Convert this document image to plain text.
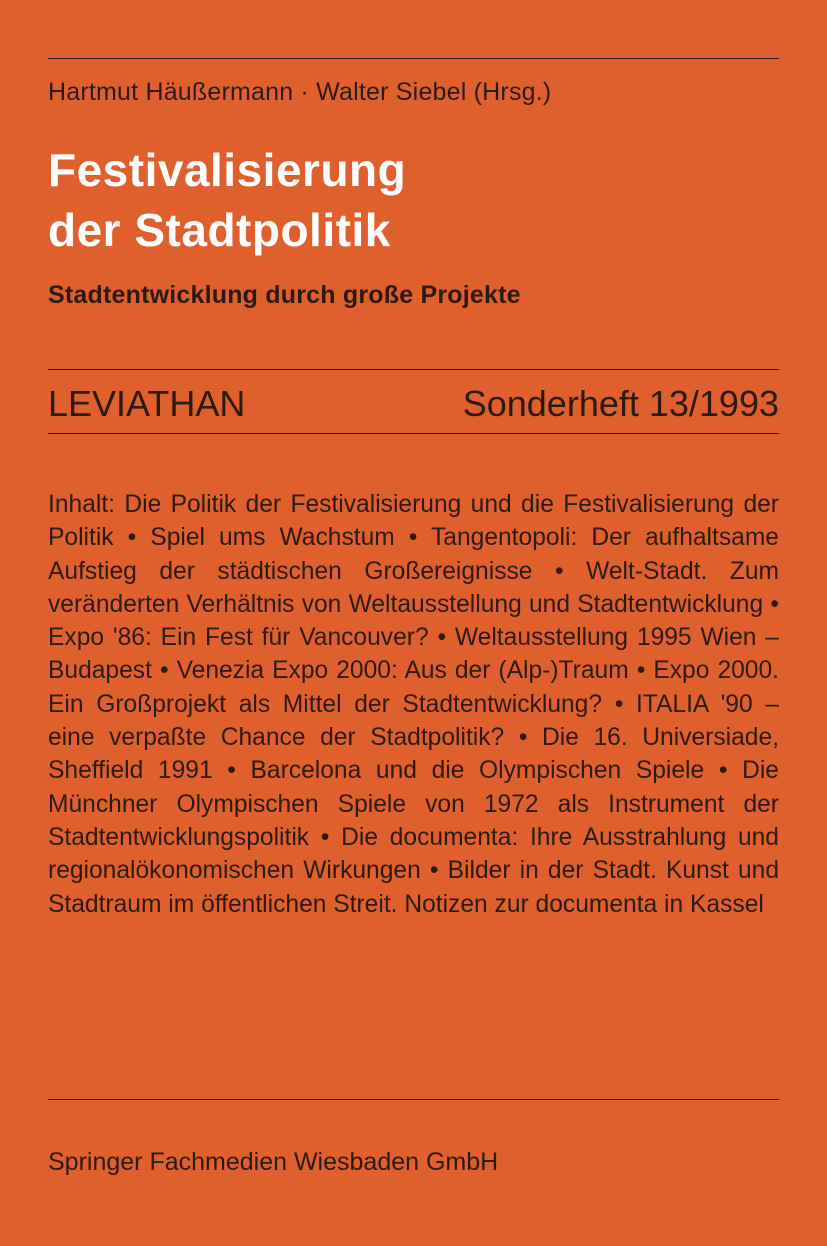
Hartmut Häußermann · Walter Siebel (Hrsg.)
Festivalisierung
der Stadtpolitik
Stadtentwicklung durch große Projekte
LEVIATHAN	Sonderheft 13/1993
Inhalt: Die Politik der Festivalisierung und die Festivalisierung der Politik • Spiel ums Wachstum • Tangentopoli: Der aufhaltsame Aufstieg der städtischen Großereignisse • Welt-Stadt. Zum veränderten Verhältnis von Weltausstellung und Stadtentwicklung • Expo '86: Ein Fest für Vancouver? • Weltausstellung 1995 Wien – Budapest • Venezia Expo 2000: Aus der (Alp-)Traum • Expo 2000. Ein Großprojekt als Mittel der Stadtentwicklung? • ITALIA '90 – eine verpaßte Chance der Stadtpolitik? • Die 16. Universiade, Sheffield 1991 • Barcelona und die Olympischen Spiele • Die Münchner Olympischen Spiele von 1972 als Instrument der Stadtentwicklungspolitik • Die documenta: Ihre Ausstrahlung und regionalökonomischen Wirkungen • Bilder in der Stadt. Kunst und Stadtraum im öffentlichen Streit. Notizen zur documenta in Kassel
Springer Fachmedien Wiesbaden GmbH
